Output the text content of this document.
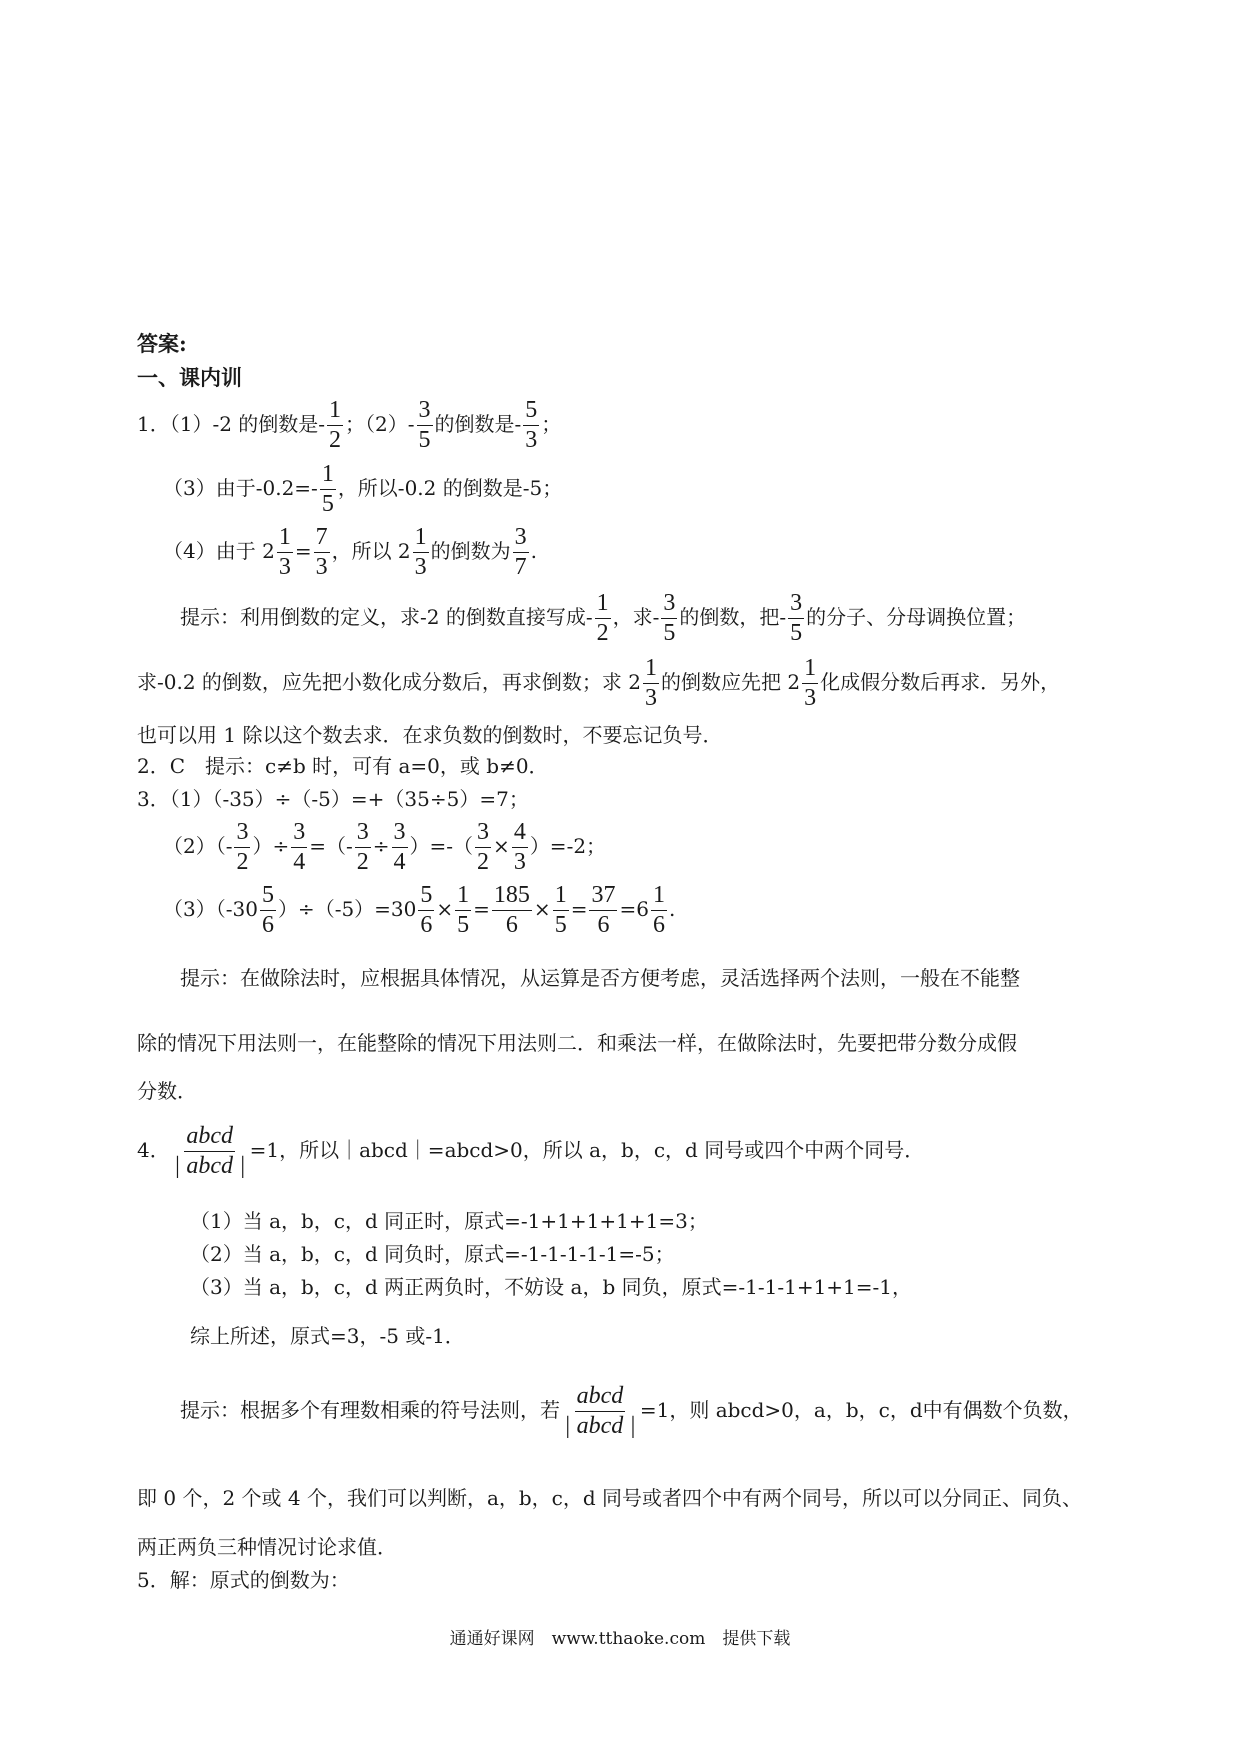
答案:
一、课内训
1．（1）-2 的倒数是- $\frac{1}{2}$ ；$(2)- \frac{3}{5}$ 的倒数是- $\frac{5}{3}$ ；
（3）由于$-0.2=- \frac{1}{5}$ ，所以-0.2 的倒数是-5；
（4）由于 $2 \frac{1}{3} = \frac{7}{3}$ ，所以 $2 \frac{1}{3}$ 的倒数为 $\frac{3}{7}$ .
提示：利用倒数的定义，求-2 的倒数直接写成- $\frac{1}{2}$ ，求- $\frac{3}{5}$ 的倒数，把- $\frac{3}{5}$ 的分子、分母调换位置；
求-0.2 的倒数，应先把小数化成分数后，再求倒数；求 $2 \frac{1}{3}$ 的倒数应先把 $2 \frac{1}{3}$ 化成假分数后再求．另外，
也可以用 1 除以这个数去求．在求负数的倒数时，不要忘记负号．
2．C　提示：c≠b 时，可有 a=0，或 b≠0．
3．（1）（-35）÷（-5）=+（35÷5）=7；
$(2)(- \frac{3}{2}$ ）÷ $\frac{3}{4}$ =（- $\frac{3}{2} \div \frac{3}{4}$ ）=-（ $\frac{3}{2} \times \frac{4}{3} )=-2$；
$(3)(-30 \frac{5}{6} )\div(-5)=30 \frac{5}{6} \times \frac{1}{5} = \frac{185}{6} \times \frac{1}{5} = \frac{37}{6} =6 \frac{1}{6}$ .
提示：在做除法时，应根据具体情况，从运算是否方便考虑，灵活选择两个法则，一般在不能整
除的情况下用法则一，在能整除的情况下用法则二．和乘法一样，在做除法时，先要把带分数分成假
分数．
4． $\frac{\text{abcd}}{\text{| abcd |}} =1$，所以｜abcd｜=abcd>0，所以 a，b，c，d 同号或四个中两个同号．
（1）当 a，b，c，d 同正时，原式=-1+1+1+1+1=3；
（2）当 a，b，c，d 同负时，原式=-1-1-1-1-1=-5；
（3）当 a，b，c，d 两正两负时，不妨设 a，b 同负，原式=-1-1-1+1+1=-1，
综上所述，原式=3，-5 或-1．
提示：根据多个有理数相乘的符号法则，若 $\frac{\text{abcd}}{\text{| abcd |}} =1$，则 abcd>0，a，b，c，d中有偶数个负数，
即 0 个，2 个或 4 个，我们可以判断，a，b，c，d 同号或者四个中有两个同号，所以可以分同正、同负、
两正两负三种情况讨论求值．
5．解：原式的倒数为：
通通好课网　www.tthaoke.com　提供下载
